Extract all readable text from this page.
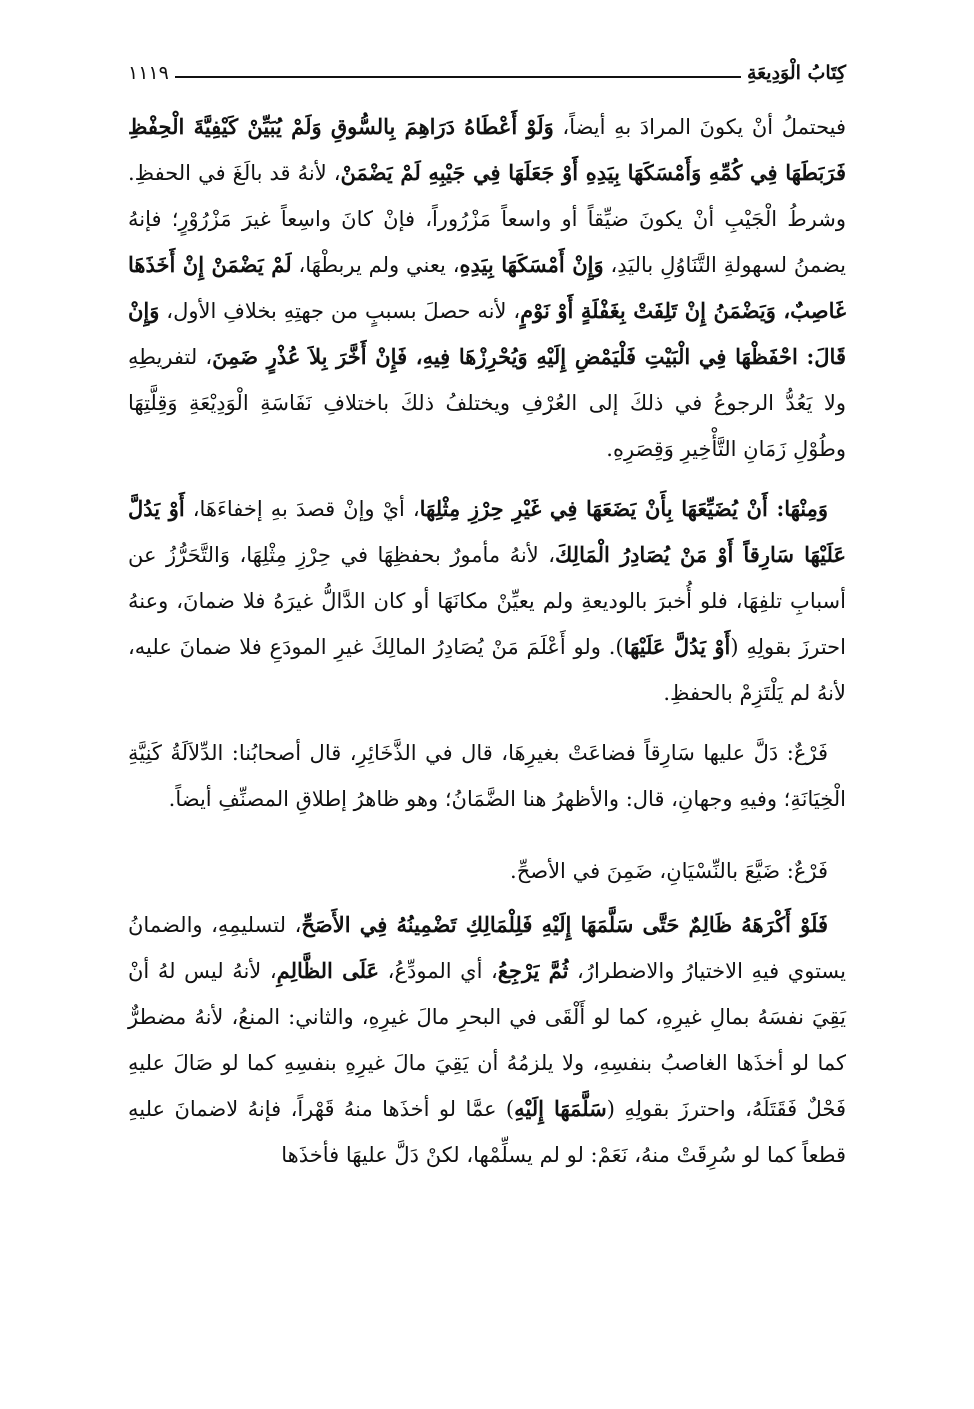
كِتَابُ الْوَدِيعَةِ
١١١٩

فيحتملُ أنْ يكونَ المرادَ بهِ أيضاً، وَلَوْ أَعْطَاهُ دَرَاهِمَ بِالسُّوقِ وَلَمْ يُبَيِّنْ كَيْفِيَّةَ الْحِفْظِ فَرَبَطَهَا فِي كُمِّهِ وَأَمْسَكَهَا بِيَدِهِ أَوْ جَعَلَهَا فِي جَيْبِهِ لَمْ يَضْمَنْ، لأنهُ قد بالَغَ في الحفظِ. وشرطُ الْجَيْبِ أنْ يكونَ ضيِّقاً أو واسعاً مَزْرُوراً، فإنْ كانَ واسِعاً غيرَ مَزْرُوْرٍ؛ فإنهُ يضمنُ لسهولةِ التَّنَاوُلِ باليَدِ، وَإِنْ أَمْسَكَهَا بِيَدِهِ، يعني ولم يربطْهَا، لَمْ يَضْمَنْ إِنْ أَخَذَهَا غَاصِبٌ، وَيَضْمَنُ إِنْ تَلِفَتْ بِغَفْلَةٍ أَوْ نَوْمٍ، لأنه حصلَ بسببٍ من جهتِهِ بخلافِ الأول، وَإِنْ قَالَ: احْفَظْهَا فِي الْبَيْتِ فَلْيَمْضِ إِلَيْهِ وَيُحْرِزْهَا فِيهِ، فَإِنْ أَخَّرَ بِلاَ عُذْرٍ ضَمِنَ، لتفريطِهِ ولا يَعُدُّ الرجوعُ في ذلكَ إلى العُرْفِ ويختلفُ ذلكَ باختلافِ نَفَاسَةِ الْوَدِيْعَةِ وَقِلَّتِهَا وطُوْلِ زَمَانِ التَّأْخِيرِ وَقِصَرِهِ.

وَمِنْهَا: أَنْ يُضَيِّعَهَا بِأَنْ يَضَعَهَا فِي غَيْرِ حِرْزِ مِثْلِهَا، أيْ وإنْ قصدَ بهِ إخفاءَهَا، أَوْ يَدُلَّ عَلَيْهَا سَارِقاً أَوْ مَنْ يُصَادِرُ الْمَالِكَ، لأنهُ مأمورٌ بحفظِهَا في حِرْزِ مِثْلِهَا، وَالتَّحَرُّزُ عن أسبابِ تلفِهَا، فلو أُخبرَ بالوديعةِ ولم يعيِّنْ مكانَهَا أو كان الدَّالُّ غيرَهُ فلا ضمانَ، وعنهُ احترزَ بقولِهِ (أَوْ يَدُلَّ عَلَيْهَا). ولو أَعْلَمَ مَنْ يُصَادِرُ المالِكَ غيرِ المودَعِ فلا ضمانَ عليه، لأنهُ لم يَلْتَزِمْ بالحفظِ.

فَرْعٌ: دَلَّ عليها سَارِقاً فضاعَتْ بغيرِهَا، قال في الذَّخَائِرِ، قال أصحابُنا: الدِّلاَلَةُ كَنِيَّةِ الْخِيَانَةِ؛ وفيهِ وجهانِ، قال: والأظهرُ هنا الضَّمَانُ؛ وهو ظاهرُ إطلاقِ المصنِّفِ أيضاً.

فَرْعٌ: ضَيَّعَ بالنِّسْيَانِ، ضَمِنَ في الأصحِّ.

فَلَوْ أَكْرَهَهُ ظَالِمٌ حَتَّى سَلَّمَهَا إِلَيْهِ فَلِلْمَالِكِ تَضْمِينُهُ فِي الأَصَحِّ، لتسليمِهِ، والضمانُ يستوي فيهِ الاختيارُ والاضطرارُ، ثُمَّ يَرْجِعُ، أي المودِّعُ، عَلَى الظَّالِمِ، لأنهُ ليس لهُ أنْ يَقِيَ نفسَهُ بمالِ غيرِهِ، كما لو أَلْقَى في البحرِ مالَ غيرِهِ، والثاني: المنعُ، لأنهُ مضطرٌّ كما لو أخذَها الغاصبُ بنفسِهِ، ولا يلزمُهُ أن يَقِيَ مالَ غيرِهِ بنفسِهِ كما لو صَالَ عليهِ فَحْلٌ فَقَتَلَهُ، واحترزَ بقولِهِ (سَلَّمَهَا إِلَيْهِ) عمَّا لو أخذَها منهُ قَهْراً، فإنهُ لاضمانَ عليهِ قطعاً كما لو سُرِقَتْ منهُ، نَعَمْ: لو لم يسلِّمْها، لكنْ دَلَّ عليهَا فأخذَها
